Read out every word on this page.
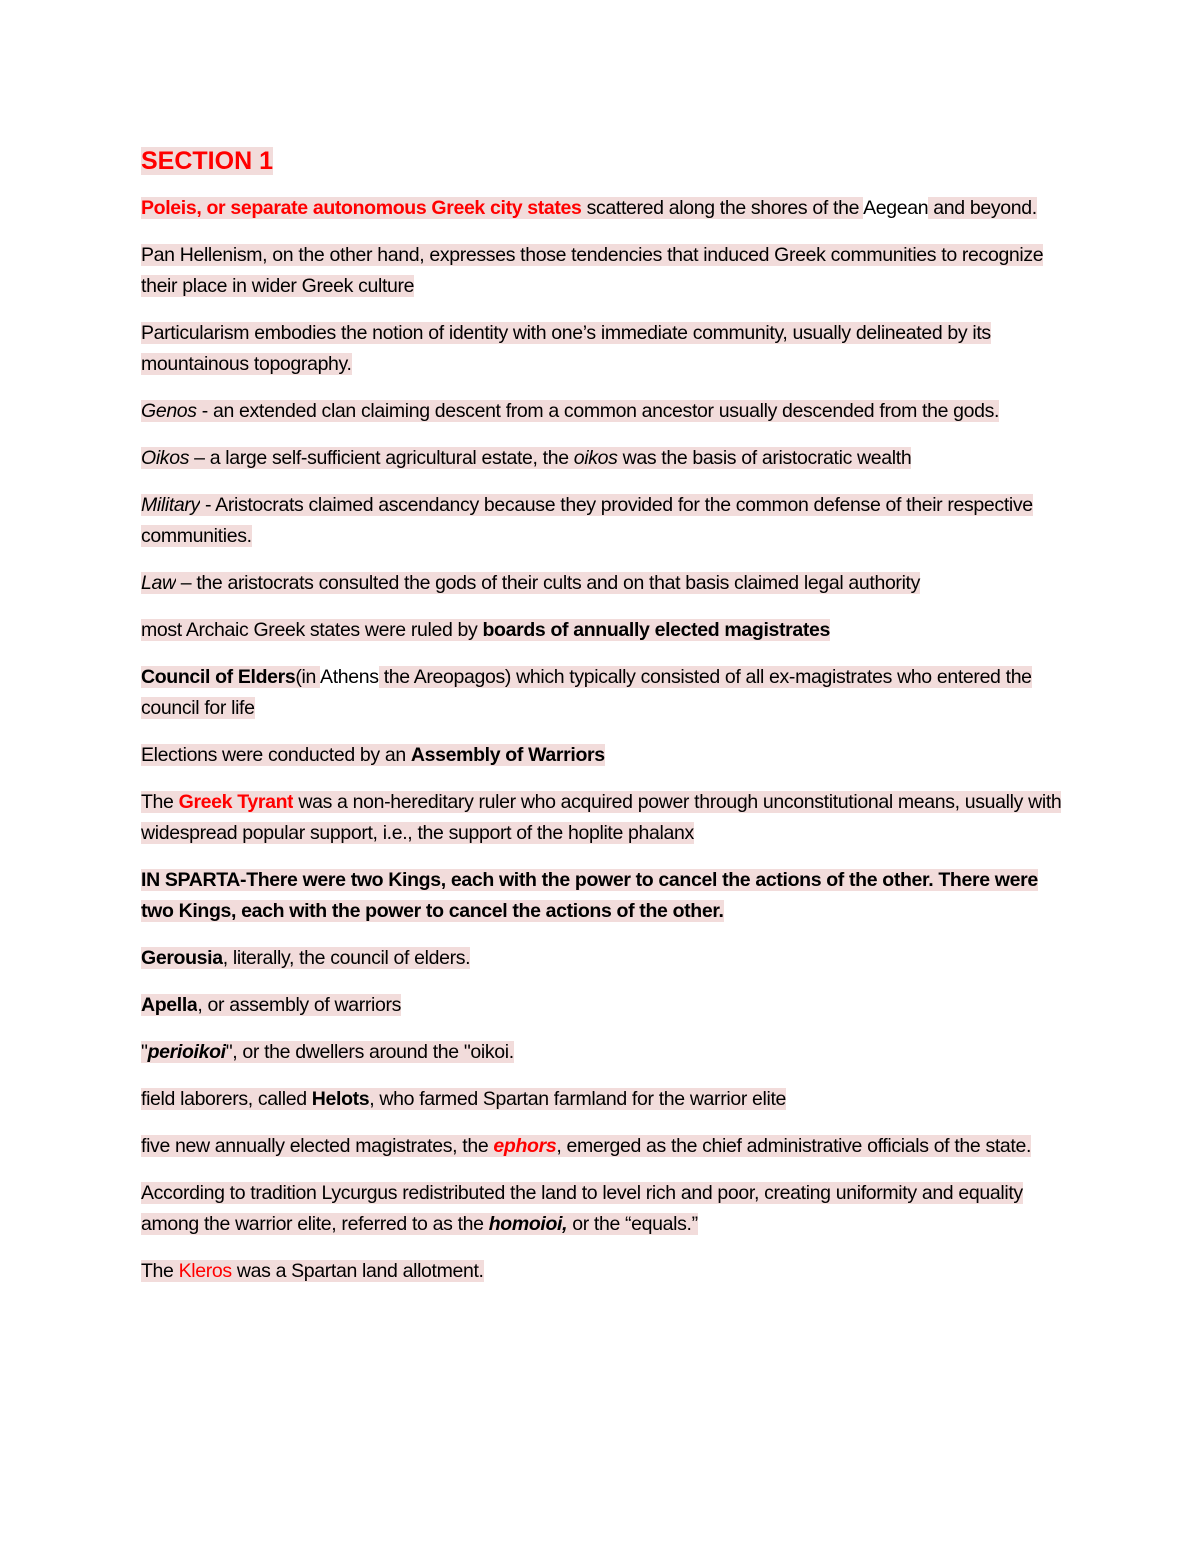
SECTION 1
Poleis, or separate autonomous Greek city states scattered along the shores of the Aegean and beyond.
Pan Hellenism, on the other hand, expresses those tendencies that induced Greek communities to recognize their place in wider Greek culture
Particularism embodies the notion of identity with one’s immediate community, usually delineated by its mountainous topography.
Genos - an extended clan claiming descent from a common ancestor usually descended from the gods.
Oikos – a large self-sufficient agricultural estate, the oikos was the basis of aristocratic wealth
Military - Aristocrats claimed ascendancy because they provided for the common defense of their respective communities.
Law – the aristocrats consulted the gods of their cults and on that basis claimed legal authority
most Archaic Greek states were ruled by boards of annually elected magistrates
Council of Elders(in Athens the Areopagos) which typically consisted of all ex-magistrates who entered the council for life
Elections were conducted by an Assembly of Warriors
The Greek Tyrant was a non-hereditary ruler who acquired power through unconstitutional means, usually with widespread popular support, i.e., the support of the hoplite phalanx
IN SPARTA-There were two Kings, each with the power to cancel the actions of the other. There were two Kings, each with the power to cancel the actions of the other.
Gerousia, literally, the council of elders.
Apella, or assembly of warriors
"perioikoi", or the dwellers around the "oikoi.
field laborers, called Helots, who farmed Spartan farmland for the warrior elite
five new annually elected magistrates, the ephors, emerged as the chief administrative officials of the state.
According to tradition Lycurgus redistributed the land to level rich and poor, creating uniformity and equality among the warrior elite, referred to as the homoioi, or the “equals.”
The Kleros was a Spartan land allotment.
